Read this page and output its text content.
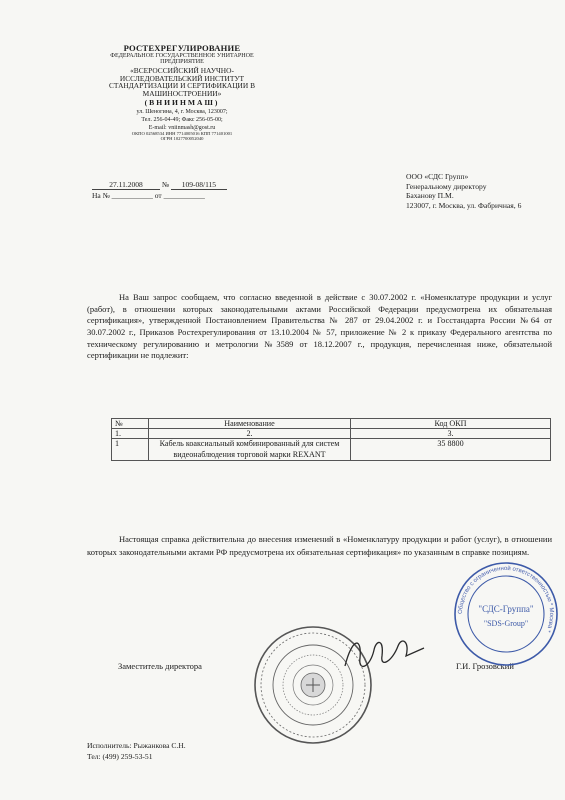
РОСТЕХРЕГУЛИРОВАНИЕ
ФЕДЕРАЛЬНОЕ ГОСУДАРСТВЕННОЕ УНИТАРНОЕ ПРЕДПРИЯТИЕ
«ВСЕРОССИЙСКИЙ НАУЧНО-ИССЛЕДОВАТЕЛЬСКИЙ ИНСТИТУТ СТАНДАРТИЗАЦИИ И СЕРТИФИКАЦИИ В МАШИНОСТРОЕНИИ»
(ВНИИНМАШ)
ул. Шеногина, 4, г. Москва, 123007;
Тел. 256-04-49; Факс 256-05-00;
E-mail: vniinmash@gost.ru
ОКПО 02568534 ИНН 7714005016 КПП 771401001
ОГРН 1027700052040
27.11.2008	№ 109-08/115
На № ___________ от ___________
ООО «СДС Групп»
Генеральному директору
Баханову П.М.
123007, г. Москва, ул. Фабричная, 6
На Ваш запрос сообщаем, что согласно введенной в действие с 30.07.2002 г. «Номенклатуре продукции и услуг (работ), в отношении которых законодательными актами Российской Федерации предусмотрена их обязательная сертификация», утвержденной Постановлением Правительства № 287 от 29.04.2002 г. и Госстандарта России №64 от 30.07.2002 г., Приказов Ростехрегулирования от 13.10.2004 № 57, приложение № 2 к приказу Федерального агентства по техническому регулированию и метрологии №3589 от 18.12.2007 г., продукция, перечисленная ниже, обязательной сертификации не подлежит:
№	Наименование	Код ОКП
1.	2.	3.
1	Кабель коаксиальный комбинированный для систем видеонаблюдения торговой марки REXANT	35 8800
Настоящая справка действительна до внесения изменений в «Номенклатуру продукции и работ (услуг), в отношении которых законодательными актами РФ предусмотрена их обязательная сертификация» по указанным в справке позициям.
Заместитель директора	Г.И. Грозовский
Исполнитель: Рыжанкова С.Н.
Тел: (499) 259-53-51
Общество с ограниченной ответственностью * Москва *
"СДС-Группа"
"SDS-Group"
